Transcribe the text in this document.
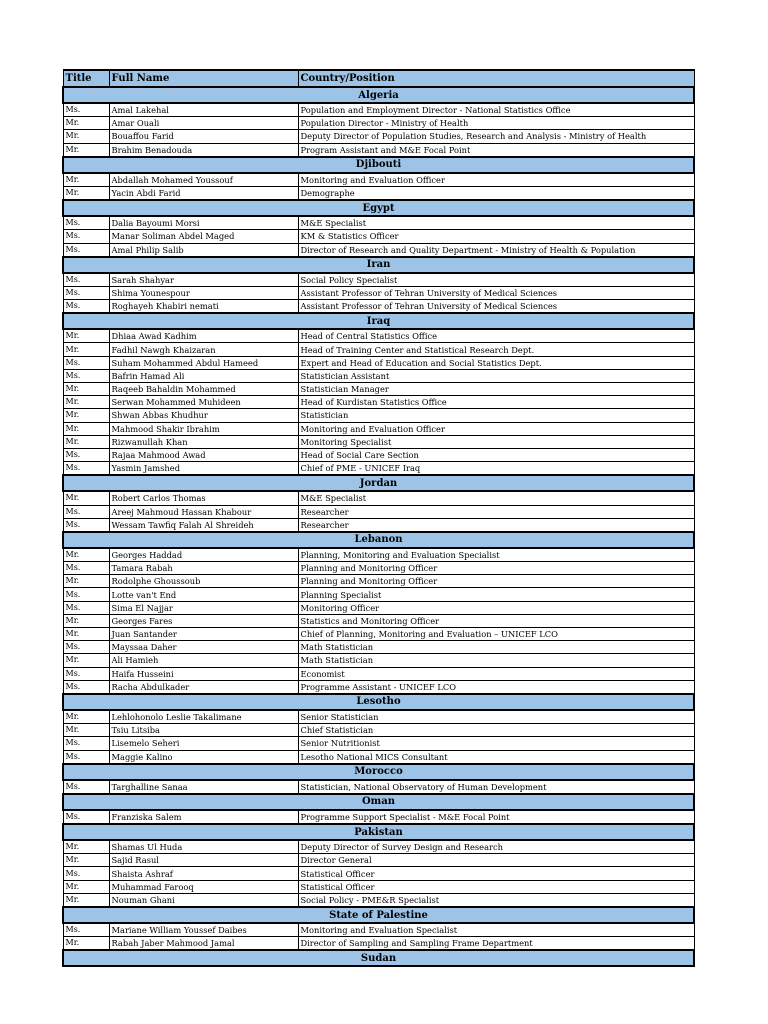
Title	Full Name	Country/Position
Algeria		
Ms.	Amal Lakehal	Population and Employment Director - National Statistics Office
Mr.	Amar Ouali	Population Director - Ministry of Health
Mr.	Bouaffou Farid	Deputy Director of Population Studies, Research and Analysis - Ministry of Health
Mr.	Brahim Benadouda	Program Assistant and M&E Focal Point
Djibouti		
Mr.	Abdallah Mohamed Youssouf	Monitoring and Evaluation Officer
Mr.	Yacin Abdi Farid	Demographe
Egypt		
Ms.	Dalia Bayoumi Morsi	M&E Specialist
Ms.	Manar Soliman Abdel Maged	KM & Statistics Officer
Ms.	Amal Philip Salib	Director of Research and Quality Department - Ministry of Health & Population
Iran		
Ms.	Sarah Shahyar	Social Policy Specialist
Ms.	Shima Younespour	Assistant Professor of Tehran University of Medical Sciences
Ms.	Roghayeh Khabiri nemati	Assistant Professor of Tehran University of Medical Sciences
Iraq		
Mr.	Dhiaa Awad Kadhim	Head of Central Statistics Office
Mr.	Fadhil Nawgh Khaizaran	Head of Training Center and Statistical Research Dept.
Ms.	Suham Mohammed Abdul Hameed	Expert and Head of Education and Social Statistics Dept.
Ms.	Bafrin Hamad Ali	Statistician Assistant
Mr.	Raqeeb Bahaldin Mohammed	Statistician Manager
Mr.	Serwan Mohammed Muhideen	Head of Kurdistan Statistics Office
Mr.	Shwan Abbas Khudhur	Statistician
Mr.	Mahmood Shakir Ibrahim	Monitoring and Evaluation Officer
Mr.	Rizwanullah Khan	Monitoring Specialist
Ms.	Rajaa Mahmood Awad	Head of Social Care Section
Ms.	Yasmin Jamshed	Chief of PME - UNICEF Iraq
Jordan		
Mr.	Robert Carlos Thomas	M&E Specialist
Ms.	Areej Mahmoud Hassan Khabour	Researcher
Ms.	Wessam Tawfiq Falah Al Shreideh	Researcher
Lebanon		
Mr.	Georges Haddad	Planning, Monitoring and Evaluation Specialist
Ms.	Tamara Rabah	Planning and Monitoring Officer
Mr.	Rodolphe Ghoussoub	Planning and Monitoring Officer
Ms.	Lotte van't End	Planning Specialist
Ms.	Sima El Najjar	Monitoring Officer
Mr.	Georges Fares	Statistics and Monitoring Officer
Mr.	Juan Santander	Chief of Planning, Monitoring and Evaluation – UNICEF LCO
Ms.	Mayssaa Daher	Math Statistician
Mr.	Ali Hamieh	Math Statistician
Ms.	Haifa Husseini	Economist
Ms.	Racha Abdulkader	Programme Assistant - UNICEF LCO
Lesotho		
Mr.	Lehlohonolo Leslie Takalimane	Senior Statistician
Mr.	Tsiu Litsiba	Chief Statistician
Ms.	Lisemelo Seheri	Senior Nutritionist
Ms.	Maggie Kalino	Lesotho National MICS Consultant
Morocco		
Ms.	Targhalline Sanaa	Statistician, National Observatory of Human Development
Oman		
Ms.	Franziska Salem	Programme Support Specialist - M&E Focal Point
Pakistan		
Mr.	Shamas Ul Huda	Deputy Director of Survey Design and Research
Mr.	Sajid Rasul	Director General
Ms.	Shaista Ashraf	Statistical Officer
Mr.	Muhammad Farooq	Statistical Officer
Mr.	Nouman Ghani	Social Policy - PME&R Specialist
State of Palestine		
Ms.	Mariane William Youssef Daibes	Monitoring and Evaluation Specialist
Mr.	Rabah Jaber Mahmood Jamal	Director of Sampling and Sampling Frame Department
Sudan		
